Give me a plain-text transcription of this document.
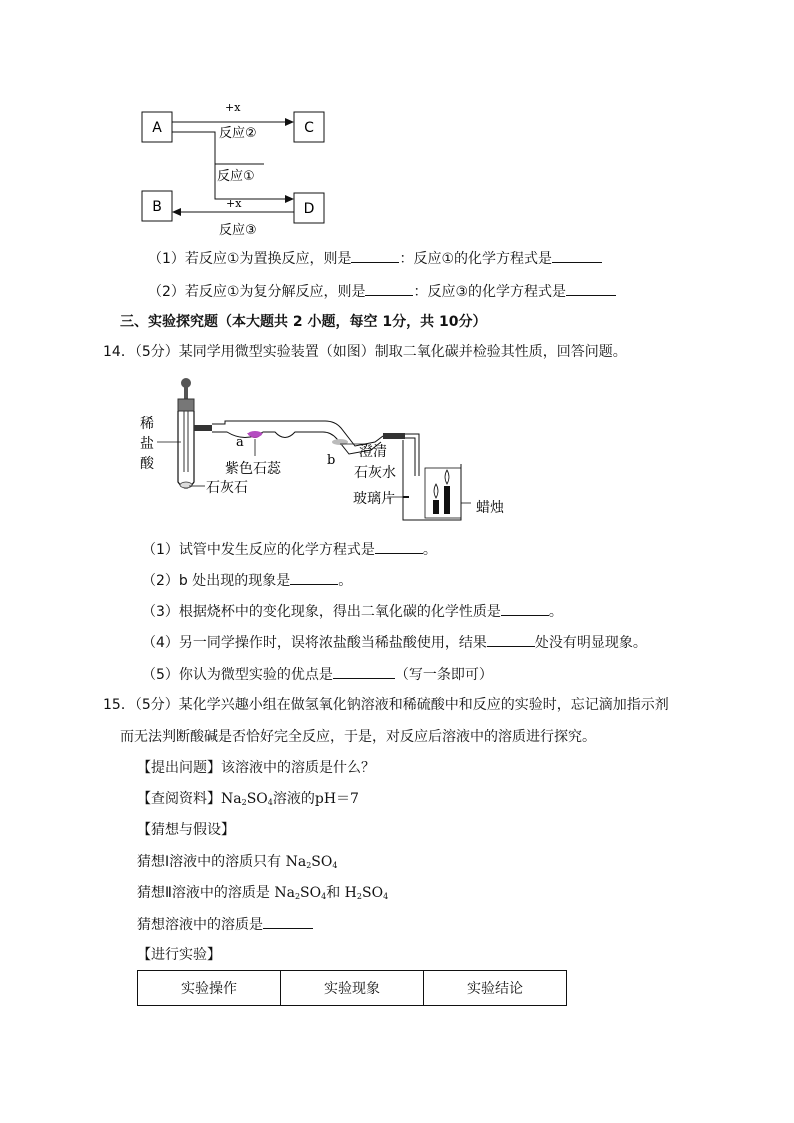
A	C
B	D
+x
反应②
反应①
+x
反应③
（1）若反应①为置换反应，则是	：反应①的化学方程式是
（2）若反应①为复分解反应，则是	：反应③的化学方程式是
三、实验探究题（本大题共 2 小题，每空 1分，共 10分）
14．（5分）某同学用微型实验装置（如图）制取二氧化碳并检验其性质，回答问题。
稀
盐
酸
石灰石
a
紫色石蕊
b
澄清
石灰水
玻璃片
蜡烛
（1）试管中发生反应的化学方程式是	。
（2）b 处出现的现象是	。
（3）根据烧杯中的变化现象，得出二氧化碳的化学性质是	。
（4）另一同学操作时，误将浓盐酸当稀盐酸使用，结果	处没有明显现象。
（5）你认为微型实验的优点是	（写一条即可）
15．（5分）某化学兴趣小组在做氢氧化钠溶液和稀硫酸中和反应的实验时，忘记滴加指示剂
而无法判断酸碱是否恰好完全反应，于是，对反应后溶液中的溶质进行探究。
【提出问题】该溶液中的溶质是什么？
【查阅资料】$Na_2SO_4$溶液的pH＝7
【猜想与假设】
猜想Ⅰ溶液中的溶质只有 $Na_2SO_4$
猜想Ⅱ溶液中的溶质是 $Na_2SO_4$和 $H_2SO_4$
猜想溶液中的溶质是
【进行实验】
实验操作	实验现象	实验结论
